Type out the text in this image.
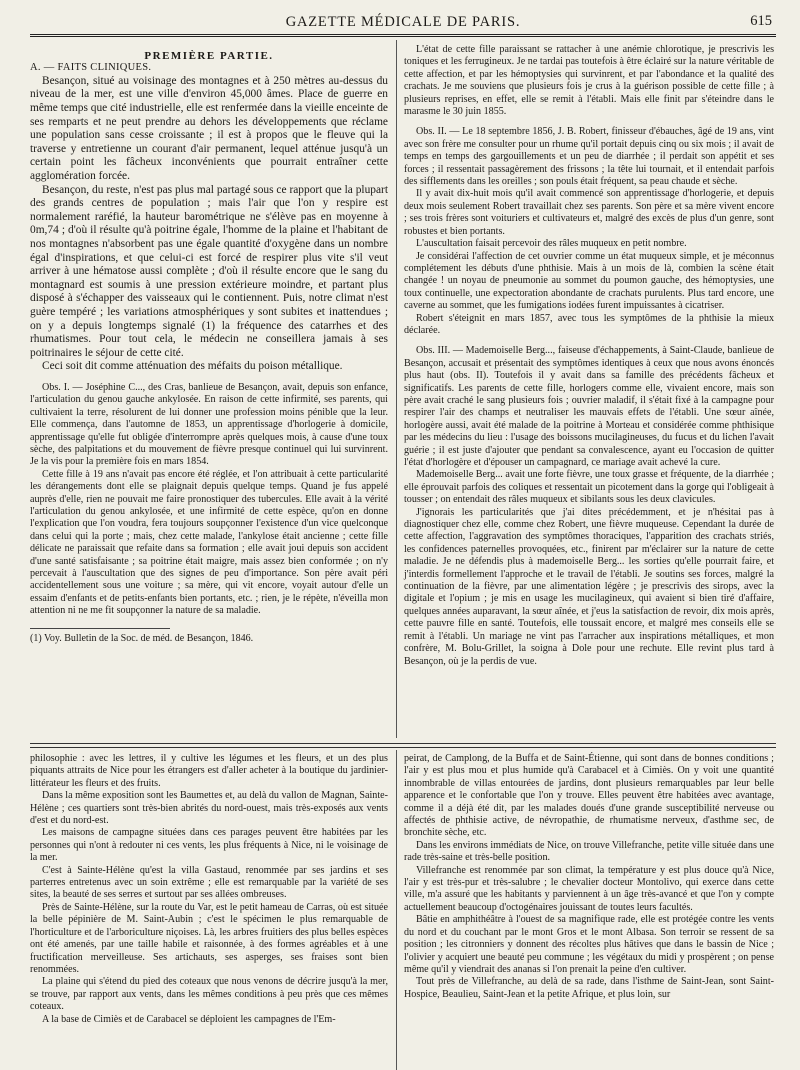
GAZETTE MÉDICALE DE PARIS.	615

PREMIÈRE PARTIE.

A. — FAITS CLINIQUES.

Besançon, situé au voisinage des montagnes et à 250 mètres au-dessus du niveau de la mer, est une ville d'environ 45,000 âmes. Place de guerre en même temps que cité industrielle, elle est renfermée dans la vieille enceinte de ses remparts et ne peut prendre au dehors les développements que réclame une population sans cesse croissante ; il est à propos que le fleuve qui la traverse y entretienne un courant d'air permanent, lequel atténue jusqu'à un certain point les fâcheux inconvénients que pourrait entraîner cette agglomération forcée.

Besançon, du reste, n'est pas plus mal partagé sous ce rapport que la plupart des grands centres de population ; mais l'air que l'on y respire est normalement raréfié, la hauteur barométrique ne s'élève pas en moyenne à 0m,74 ; d'où il résulte qu'à poitrine égale, l'homme de la plaine et l'habitant de nos montagnes n'absorbent pas une égale quantité d'oxygène dans un nombre égal d'inspirations, et que celui-ci est forcé de respirer plus vite s'il veut arriver à une hématose aussi complète ; d'où il résulte encore que le sang du montagnard est soumis à une pression extérieure moindre, et partant plus disposé à s'échapper des vaisseaux qui le contiennent. Puis, notre climat n'est guère tempéré ; les variations atmosphériques y sont subites et inattendues ; on y a depuis longtemps signalé (1) la fréquence des catarrhes et des rhumatismes. Pour tout cela, le médecin ne conseillera jamais à ses poitrinaires le séjour de cette cité.

Ceci soit dit comme atténuation des méfaits du poison métallique.

Obs. I. — Joséphine C..., des Cras, banlieue de Besançon, avait, depuis son enfance, l'articulation du genou gauche ankylosée. En raison de cette infirmité, ses parents, qui cultivaient la terre, résolurent de lui donner une profession moins pénible que la leur. Elle commença, dans l'automne de 1853, un apprentissage d'horlogerie à domicile, apprentissage qu'elle fut obligée d'interrompre après quelques mois, à cause d'une toux sèche, des palpitations et du mouvement de fièvre presque continuel qui lui survinrent. Je la vis pour la première fois en mars 1854.

Cette fille à 19 ans n'avait pas encore été réglée, et l'on attribuait à cette particularité les dérangements dont elle se plaignait depuis quelque temps. Quand je fus appelé auprès d'elle, rien ne pouvait me faire pronostiquer des tubercules. Elle avait à la vérité l'articulation du genou ankylosée, et une infirmité de cette espèce, qu'on en donne l'explication que l'on voudra, fera toujours soupçonner l'existence d'un vice quelconque dans celui qui la porte ; mais, chez cette malade, l'ankylose était ancienne ; cette fille délicate ne paraissait que refaite dans sa formation ; elle avait joui depuis son accident d'une santé satisfaisante ; sa poitrine était maigre, mais assez bien conformée ; on n'y percevait à l'auscultation que des signes de peu d'importance. Son père avait péri accidentellement sous une voiture ; sa mère, qui vit encore, voyait autour d'elle un essaim d'enfants et de petits-enfants bien portants, etc. ; rien, je le répète, n'éveilla mon attention ni ne me fit soupçonner la nature de sa maladie.

(1) Voy. Bulletin de la Soc. de méd. de Besançon, 1846.

L'état de cette fille paraissant se rattacher à une anémie chlorotique, je prescrivis les toniques et les ferrugineux. Je ne tardai pas toutefois à être éclairé sur la nature véritable de cette affection, et par les hémoptysies qui survinrent, et par l'abondance et la qualité des crachats. Je me souviens que plusieurs fois je crus à la guérison possible de cette fille ; à plusieurs reprises, en effet, elle se remit à l'établi. Mais elle finit par s'éteindre dans le marasme le 30 juin 1855.

Obs. II. — Le 18 septembre 1856, J. B. Robert, finisseur d'ébauches, âgé de 19 ans, vint avec son frère me consulter pour un rhume qu'il portait depuis cinq ou six mois ; il avait de temps en temps des gargouillements et un peu de diarrhée ; il perdait son appétit et ses forces ; il ressentait passagèrement des frissons ; la tête lui tournait, et il entendait parfois des sifflements dans les oreilles ; son pouls était fréquent, sa peau chaude et sèche.

Il y avait dix-huit mois qu'il avait commencé son apprentissage d'horlogerie, et depuis deux mois seulement Robert travaillait chez ses parents. Son père et sa mère vivent encore ; ses trois frères sont voituriers et cultivateurs et, malgré des excès de plus d'un genre, sont robustes et bien portants.

L'auscultation faisait percevoir des râles muqueux en petit nombre.

Je considérai l'affection de cet ouvrier comme un état muqueux simple, et je méconnus complétement les débuts d'une phthisie. Mais à un mois de là, combien la scène était changée ! un noyau de pneumonie au sommet du poumon gauche, des hémoptysies, une toux continuelle, une expectoration abondante de crachats purulents. Plus tard encore, une caverne au sommet, que les fumigations iodées furent impuissantes à cicatriser.

Robert s'éteignit en mars 1857, avec tous les symptômes de la phthisie la mieux déclarée.

Obs. III. — Mademoiselle Berg..., faiseuse d'échappements, à Saint-Claude, banlieue de Besançon, accusait et présentait des symptômes identiques à ceux que nous avons énoncés plus haut (obs. II). Toutefois il y avait dans sa famille des précédents fâcheux et significatifs. Les parents de cette fille, horlogers comme elle, vivaient encore, mais son père avait craché le sang plusieurs fois ; ouvrier maladif, il s'était fixé à la campagne pour respirer l'air des champs et neutraliser les mauvais effets de l'établi. Une sœur aînée, horlogère aussi, avait été malade de la poitrine à Morteau et considérée comme phthisique par les médecins du lieu : l'usage des boissons mucilagineuses, du fucus et du lichen l'avait guérie ; il est juste d'ajouter que pendant sa convalescence, ayant eu l'occasion de quitter l'état d'horlogère et d'épouser un campagnard, ce mariage avait achevé la cure.

Mademoiselle Berg... avait une forte fièvre, une toux grasse et fréquente, de la diarrhée ; elle éprouvait parfois des coliques et ressentait un picotement dans la gorge qui l'obligeait à tousser ; on entendait des râles muqueux et sibilants sous les deux clavicules.

J'ignorais les particularités que j'ai dites précédemment, et je n'hésitai pas à diagnostiquer chez elle, comme chez Robert, une fièvre muqueuse. Cependant la durée de cette affection, l'aggravation des symptômes thoraciques, l'apparition des crachats striés, les confidences paternelles provoquées, etc., finirent par m'éclairer sur la nature de cette maladie. Je ne défendis plus à mademoiselle Berg... les sorties qu'elle pourrait faire, et j'interdis formellement l'approche et le travail de l'établi. Je soutins ses forces, malgré la continuation de la fièvre, par une alimentation légère ; je prescrivis des sirops, avec la digitale et l'opium ; je mis en usage les mucilagineux, qui avaient si bien tiré d'affaire, quelques années auparavant, la sœur aînée, et j'eus la satisfaction de revoir, dix mois après, cette pauvre fille en santé. Toutefois, elle toussait encore, et malgré mes conseils elle se remit à l'établi. Un mariage ne vint pas l'arracher aux inspirations métalliques, et mon confrère, M. Bolu-Grillet, la soigna à Dole pour une rechute. Elle revint plus tard à Besançon, où je la perdis de vue.

philosophie : avec les lettres, il y cultive les légumes et les fleurs, et un des plus piquants attraits de Nice pour les étrangers est d'aller acheter à la boutique du jardinier-littérateur les fleurs et des fruits.

Dans la même exposition sont les Baumettes et, au delà du vallon de Magnan, Sainte-Hélène ; ces quartiers sont très-bien abrités du nord-ouest, mais très-exposés aux vents d'est et du nord-est.

Les maisons de campagne situées dans ces parages peuvent être habitées par les personnes qui n'ont à redouter ni ces vents, les plus fréquents à Nice, ni le voisinage de la mer.

C'est à Sainte-Hélène qu'est la villa Gastaud, renommée par ses jardins et ses parterres entretenus avec un soin extrême ; elle est remarquable par la variété de ses sites, la beauté de ses serres et surtout par ses allées ombreuses.

Près de Sainte-Hélène, sur la route du Var, est le petit hameau de Carras, où est située la belle pépinière de M. Saint-Aubin ; c'est le spécimen le plus remarquable de l'horticulture et de l'arboriculture niçoises. Là, les arbres fruitiers des plus belles espèces ont été amenés, par une taille habile et raisonnée, à des formes agréables et à une fructification merveilleuse. Ses artichauts, ses asperges, ses fraises sont bien renommées.

La plaine qui s'étend du pied des coteaux que nous venons de décrire jusqu'à la mer, se trouve, par rapport aux vents, dans les mêmes conditions à peu près que ces mêmes coteaux.

A la base de Cimiès et de Carabacel se déploient les campagnes de l'Em-

peirat, de Camplong, de la Buffa et de Saint-Étienne, qui sont dans de bonnes conditions ; l'air y est plus mou et plus humide qu'à Carabacel et à Cimiès. On y voit une quantité innombrable de villas entourées de jardins, dont plusieurs remarquables par leur belle apparence et le confortable que l'on y trouve. Elles peuvent être habitées avec avantage, comme il a déjà été dit, par les malades doués d'une grande susceptibilité nerveuse ou affectés de phthisie active, de névropathie, de rhumatisme nerveux, d'asthme sec, de bronchite sèche, etc.

Dans les environs immédiats de Nice, on trouve Villefranche, petite ville située dans une rade très-saine et très-belle position.

Villefranche est renommée par son climat, la température y est plus douce qu'à Nice, l'air y est très-pur et très-salubre ; le chevalier docteur Montolivo, qui exerce dans cette ville, m'a assuré que les habitants y parviennent à un âge très-avancé et que l'on y compte actuellement beaucoup d'octogénaires jouissant de toutes leurs facultés.

Bâtie en amphithéâtre à l'ouest de sa magnifique rade, elle est protégée contre les vents du nord et du couchant par le mont Gros et le mont Albasa. Son terroir se ressent de sa position ; les citronniers y donnent des récoltes plus hâtives que dans le bassin de Nice ; l'olivier y acquiert une beauté peu commune ; les végétaux du midi y prospèrent ; on pense même qu'il y viendrait des ananas si l'on prenait la peine d'en cultiver.

Tout près de Villefranche, au delà de sa rade, dans l'isthme de Saint-Jean, sont Saint-Hospice, Beaulieu, Saint-Jean et la petite Afrique, et plus loin, sur
